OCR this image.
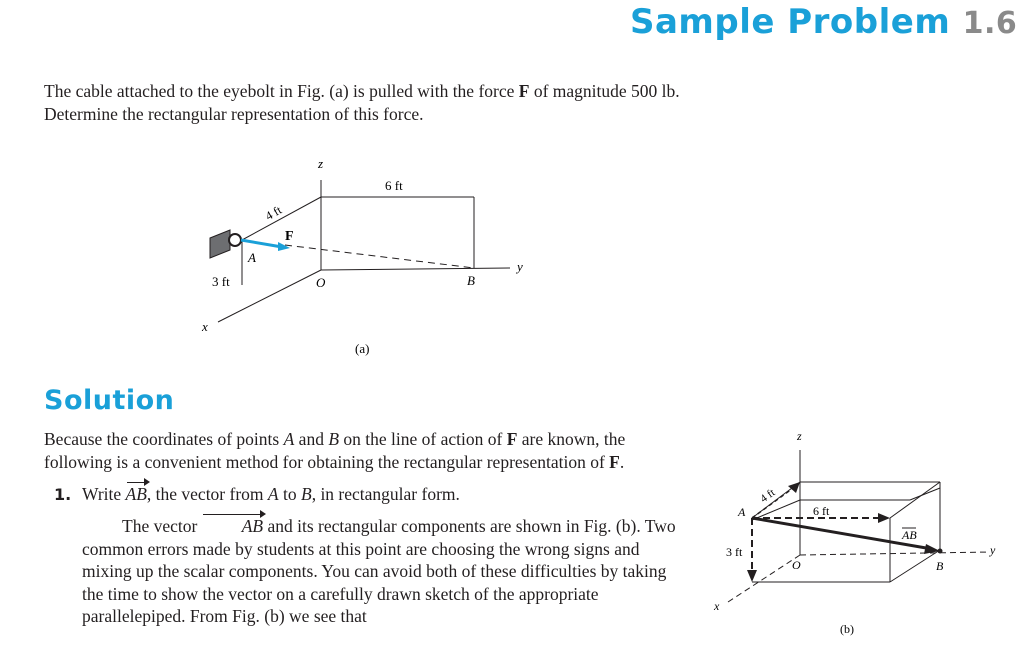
Sample Problem 1.6

The cable attached to the eyebolt in Fig. (a) is pulled with the force F of magnitude 500 lb. Determine the rectangular representation of this force.

z
y
x
O
A
B
F
6 ft
4 ft
3 ft
(a)
Solution

Because the coordinates of points A and B on the line of action of F are known, the following is a convenient method for obtaining the rectangular representation of F.

1. Write AB, the vector from A to B, in rectangular form.

The vector AB and its rectangular components are shown in Fig. (b). Two common errors made by students at this point are choosing the wrong signs and mixing up the scalar components. You can avoid both of these difficulties by taking the time to show the vector on a carefully drawn sketch of the appropriate parallelepiped. From Fig. (b) we see that

z
y
x
O
A
B
AB
6 ft
4 ft
3 ft
(b)
